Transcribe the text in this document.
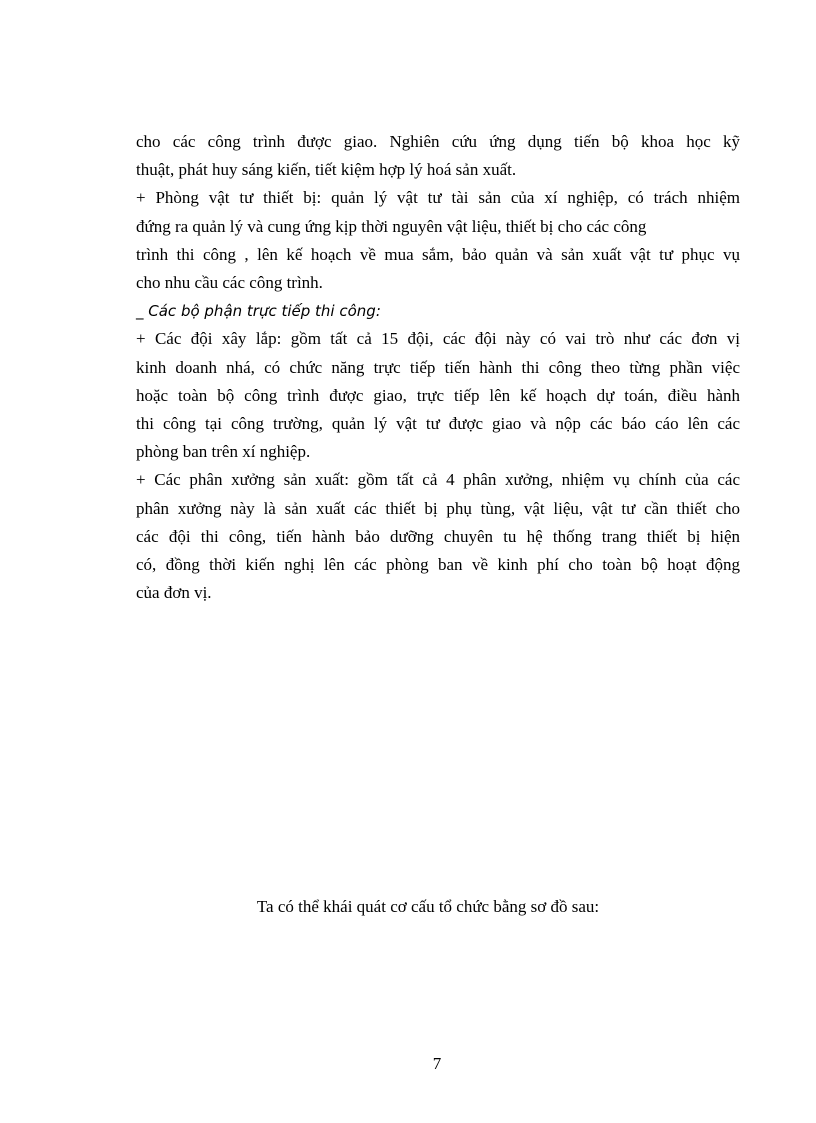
cho các công trình được giao. Nghiên cứu ứng dụng tiến bộ khoa học kỹ
thuật, phát huy sáng kiến, tiết kiệm hợp lý hoá sản xuất.
+ Phòng vật tư thiết bị: quản lý vật tư tài sản của xí nghiệp, có trách nhiệm
đứng ra quản lý và cung ứng kịp thời nguyên vật liệu, thiết bị cho các công
trình thi công , lên kế hoạch về mua sắm, bảo quản và sản xuất vật tư phục vụ
cho nhu cầu các công trình.
_ Các bộ phận trực tiếp thi công:
+ Các đội xây lắp: gồm tất cả 15 đội, các đội này có vai trò như các đơn vị
kinh doanh nhá, có chức năng trực tiếp tiến hành thi công theo từng phần việc
hoặc toàn bộ công trình được giao, trực tiếp lên kế hoạch dự toán, điều hành
thi công tại công trường, quản lý vật tư được giao và nộp các báo cáo lên các
phòng ban trên xí nghiệp.
+ Các phân xưởng sản xuất: gồm tất cả 4 phân xưởng, nhiệm vụ chính của các
phân xưởng này là sản xuất các thiết bị phụ tùng, vật liệu, vật tư cần thiết cho
các đội thi công, tiến hành bảo dưỡng chuyên tu hệ thống trang thiết bị hiện
có, đồng thời kiến nghị lên các phòng ban về kinh phí cho toàn bộ hoạt động
của đơn vị.
Ta có thể khái quát cơ cấu tổ chức bằng sơ đồ sau:
7
